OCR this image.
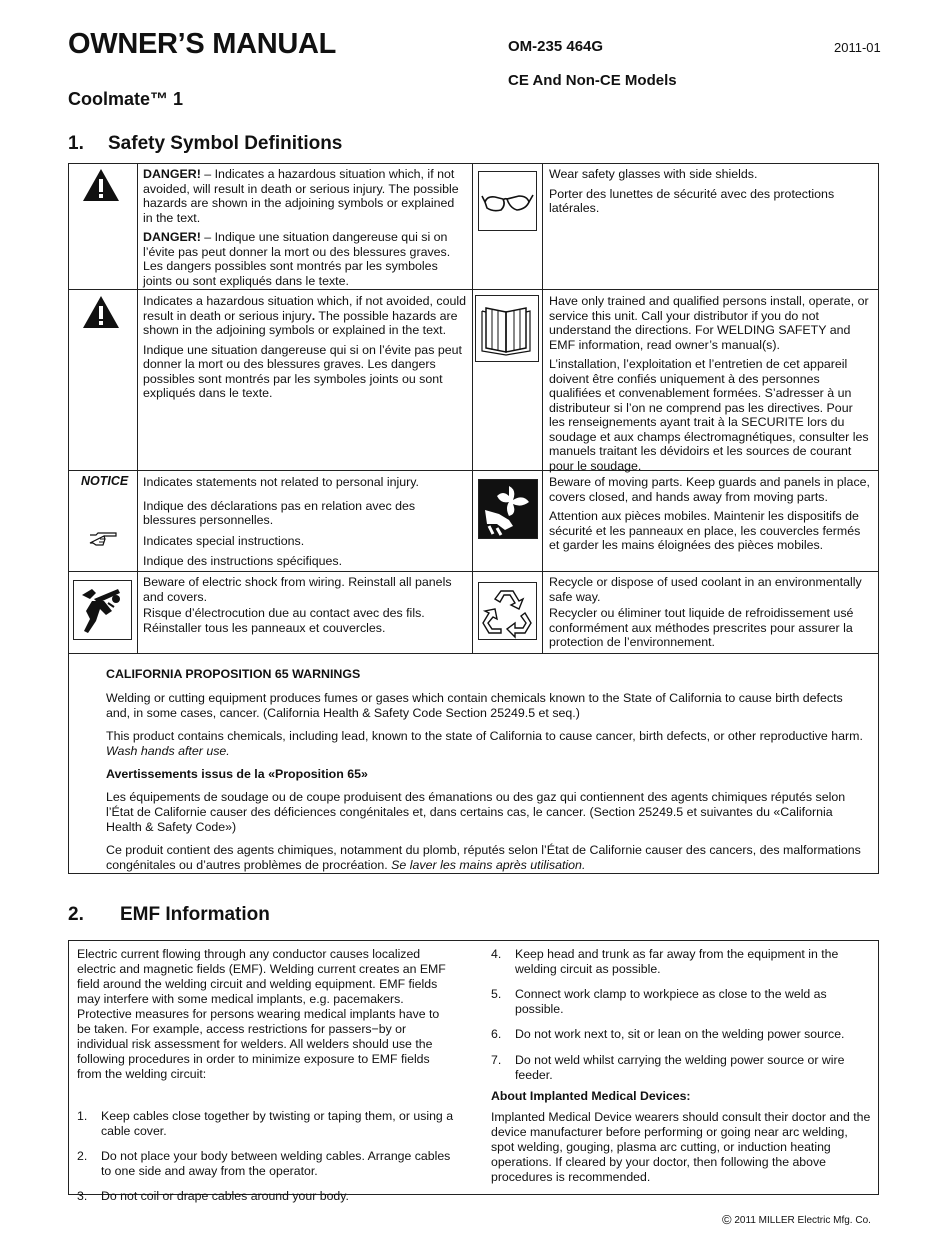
OWNER’S MANUAL	OM-235 464G	2011-01
CE And Non-CE Models
Coolmate™ 1
1. Safety Symbol Definitions

DANGER! – Indicates a hazardous situation which, if not avoided, will result in death or serious injury. The possible hazards are shown in the adjoining symbols or explained in the text.

DANGER! – Indique une situation dangereuse qui si on l’évite pas peut donner la mort ou des blessures graves. Les dangers possibles sont montrés par les symboles joints ou sont expliqués dans le texte.

Wear safety glasses with side shields.

Porter des lunettes de sécurité avec des protections latérales.

Indicates a hazardous situation which, if not avoided, could result in death or serious injury. The possible hazards are shown in the adjoining symbols or explained in the text.

Indique une situation dangereuse qui si on l’évite pas peut donner la mort ou des blessures graves. Les dangers possibles sont montrés par les symboles joints ou sont expliqués dans le texte.

Have only trained and qualified persons install, operate, or service this unit. Call your distributor if you do not understand the directions. For WELDING SAFETY and EMF information, read owner’s manual(s).

L’installation, l’exploitation et l’entretien de cet appareil doivent être confiés uniquement à des personnes qualifiées et convenablement formées. S’adresser à un distributeur si l’on ne comprend pas les directives. Pour les renseignements ayant trait à la SECURITE lors du soudage et aux champs électromagnétiques, consulter les manuels traitant les dévidoirs et les sources de courant pour le soudage.

NOTICE Indicates statements not related to personal injury.

Indique des déclarations pas en relation avec des blessures personnelles.

Indicates special instructions.

Indique des instructions spécifiques.

Beware of moving parts. Keep guards and panels in place, covers closed, and hands away from moving parts.

Attention aux pièces mobiles. Maintenir les dispositifs de sécurité et les panneaux en place, les couvercles fermés et garder les mains éloignées des pièces mobiles.

Beware of electric shock from wiring. Reinstall all panels and covers.

Risque d’électrocution due au contact avec des fils. Réinstaller tous les panneaux et couvercles.

Recycle or dispose of used coolant in an environmentally safe way.

Recycler ou éliminer tout liquide de refroidissement usé conformément aux méthodes prescrites pour assurer la protection de l’environnement.

CALIFORNIA PROPOSITION 65 WARNINGS

Welding or cutting equipment produces fumes or gases which contain chemicals known to the State of California to cause birth defects and, in some cases, cancer. (California Health & Safety Code Section 25249.5 et seq.)

This product contains chemicals, including lead, known to the state of California to cause cancer, birth defects, or other reproductive harm. Wash hands after use.

Avertissements issus de la «Proposition 65»

Les équipements de soudage ou de coupe produisent des émanations ou des gaz qui contiennent des agents chimiques réputés selon l’État de Californie causer des déficiences congénitales et, dans certains cas, le cancer. (Section 25249.5 et suivantes du «California Health & Safety Code»)

Ce produit contient des agents chimiques, notamment du plomb, réputés selon l’État de Californie causer des cancers, des malformations congénitales ou d’autres problèmes de procréation. Se laver les mains après utilisation.

2. EMF Information

Electric current flowing through any conductor causes localized electric and magnetic fields (EMF). Welding current creates an EMF field around the welding circuit and welding equipment. EMF fields may interfere with some medical implants, e.g. pacemakers. Protective measures for persons wearing medical implants have to be taken. For example, access restrictions for passers−by or individual risk assessment for welders. All welders should use the following procedures in order to minimize exposure to EMF fields from the welding circuit:

1. Keep cables close together by twisting or taping them, or using a cable cover.
2. Do not place your body between welding cables. Arrange cables to one side and away from the operator.
3. Do not coil or drape cables around your body.
4. Keep head and trunk as far away from the equipment in the welding circuit as possible.
5. Connect work clamp to workpiece as close to the weld as possible.
6. Do not work next to, sit or lean on the welding power source.
7. Do not weld whilst carrying the welding power source or wire feeder.

About Implanted Medical Devices:

Implanted Medical Device wearers should consult their doctor and the device manufacturer before performing or going near arc welding, spot welding, gouging, plasma arc cutting, or induction heating operations. If cleared by your doctor, then following the above procedures is recommended.

© 2011 MILLER Electric Mfg. Co.
